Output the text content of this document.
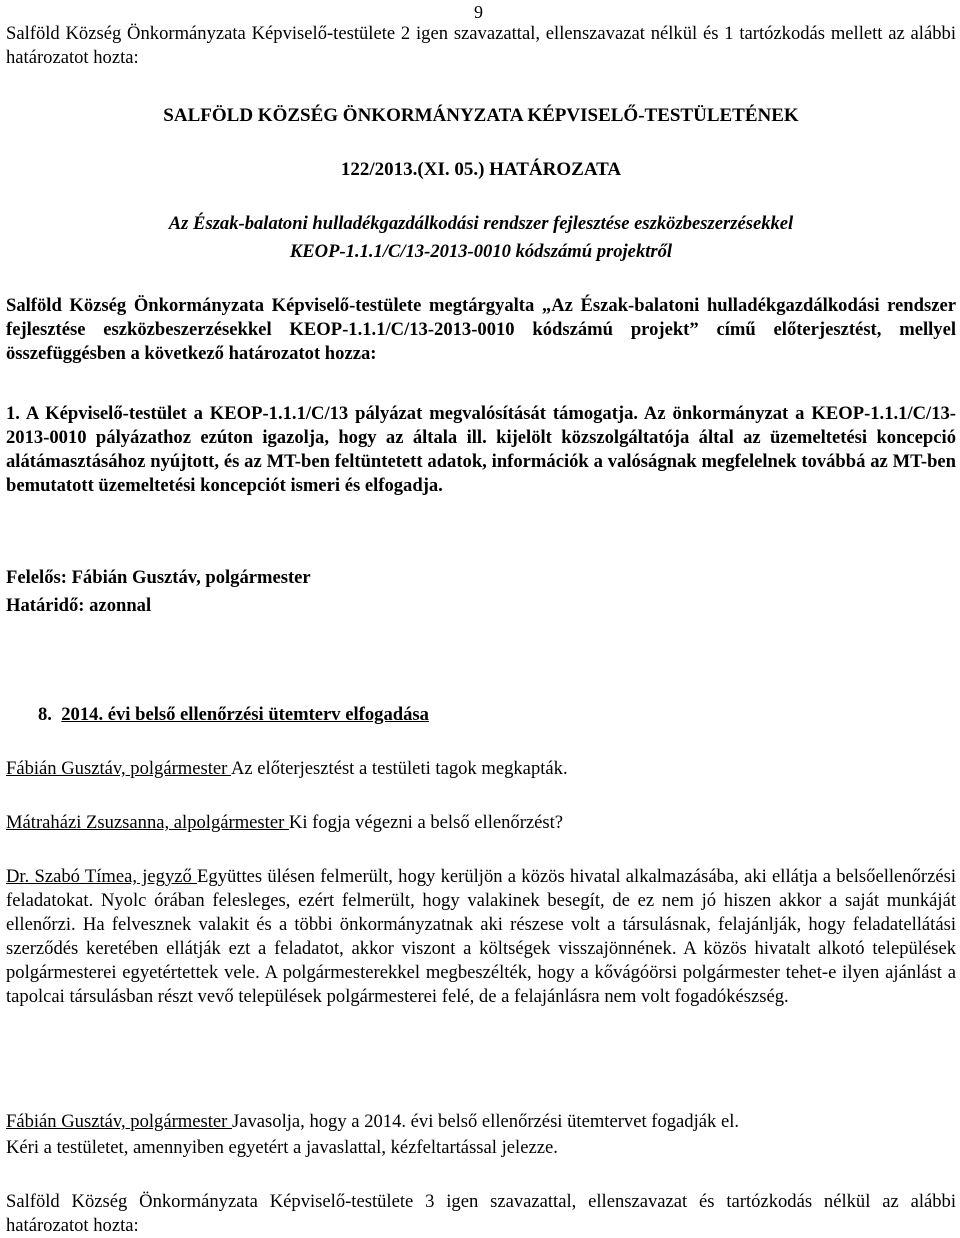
9

Salföld Község Önkormányzata Képviselő-testülete 2 igen szavazattal, ellenszavazat nélkül és 1 tartózkodás mellett az alábbi határozatot hozta:

SALFÖLD KÖZSÉG ÖNKORMÁNYZATA KÉPVISELŐ-TESTÜLETÉNEK

122/2013.(XI. 05.) HATÁROZATA

Az Észak-balatoni hulladékgazdálkodási rendszer fejlesztése eszközbeszerzésekkel

KEOP-1.1.1/C/13-2013-0010 kódszámú projektről

Salföld Község Önkormányzata Képviselő-testülete megtárgyalta „Az Észak-balatoni hulladékgazdálkodási rendszer fejlesztése eszközbeszerzésekkel KEOP-1.1.1/C/13-2013-0010 kódszámú projekt” című előterjesztést, mellyel összefüggésben a következő határozatot hozza:

1. A Képviselő-testület a KEOP-1.1.1/C/13 pályázat megvalósítását támogatja. Az önkormányzat a KEOP-1.1.1/C/13-2013-0010 pályázathoz ezúton igazolja, hogy az általa ill. kijelölt közszolgáltatója által az üzemeltetési koncepció alátámasztásához nyújtott, és az MT-ben feltüntetett adatok, információk a valóságnak megfelelnek továbbá az MT-ben bemutatott üzemeltetési koncepciót ismeri és elfogadja.

Felelős: Fábián Gusztáv, polgármester

Határidő: azonnal

8. 2014. évi belső ellenőrzési ütemterv elfogadása

Fábián Gusztáv, polgármester Az előterjesztést a testületi tagok megkapták.

Mátraházi Zsuzsanna, alpolgármester Ki fogja végezni a belső ellenőrzést?

Dr. Szabó Tímea, jegyző Együttes ülésen felmerült, hogy kerüljön a közös hivatal alkalmazásába, aki ellátja a belsőellenőrzési feladatokat. Nyolc órában felesleges, ezért felmerült, hogy valakinek besegít, de ez nem jó hiszen akkor a saját munkáját ellenőrzi. Ha felvesznek valakit és a többi önkormányzatnak aki részese volt a társulásnak, felajánlják, hogy feladatellátási szerződés keretében ellátják ezt a feladatot, akkor viszont a költségek visszajönnének. A közös hivatalt alkotó települések polgármesterei egyetértettek vele. A polgármesterekkel megbeszélték, hogy a kővágóörsi polgármester tehet-e ilyen ajánlást a tapolcai társulásban részt vevő települések polgármesterei felé, de a felajánlásra nem volt fogadókészség.

Fábián Gusztáv, polgármester Javasolja, hogy a 2014. évi belső ellenőrzési ütemtervet fogadják el.

Kéri a testületet, amennyiben egyetért a javaslattal, kézfeltartással jelezze.

Salföld Község Önkormányzata Képviselő-testülete 3 igen szavazattal, ellenszavazat és tartózkodás nélkül az alábbi határozatot hozta:
